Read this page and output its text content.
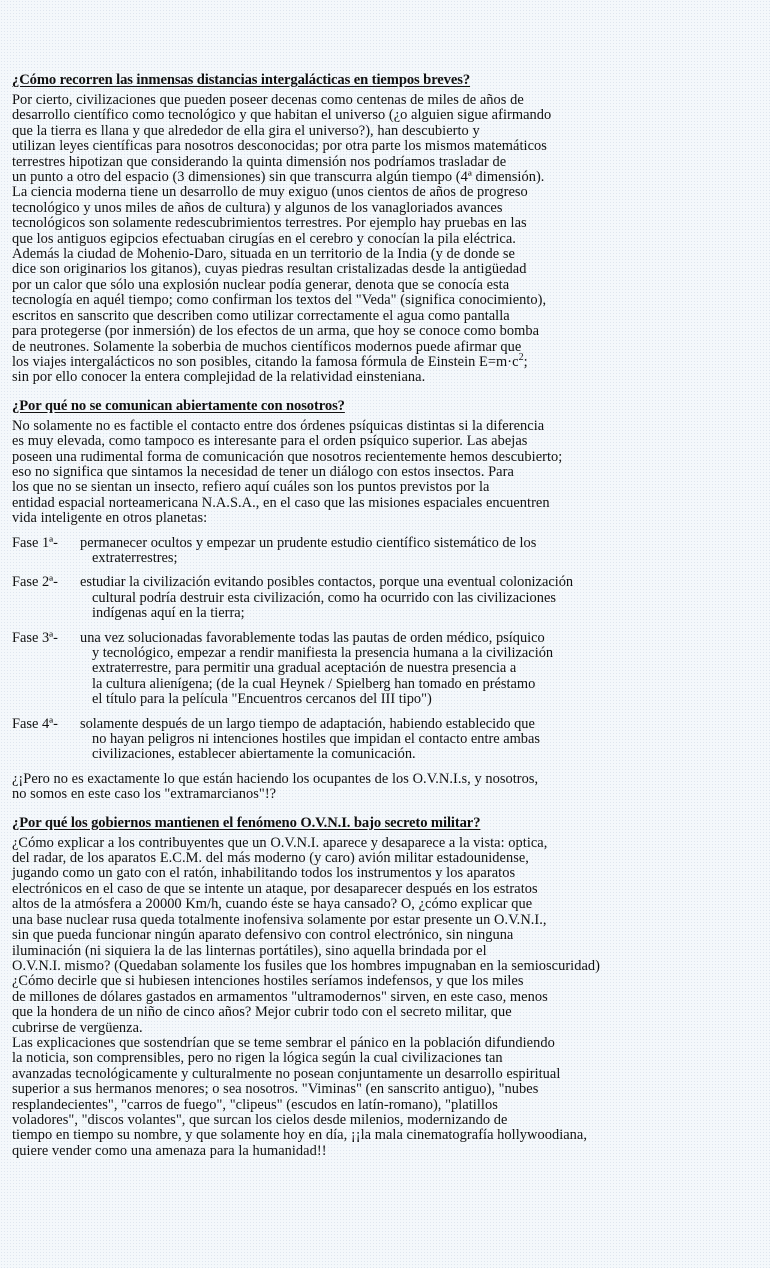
¿Cómo recorren las inmensas distancias intergalácticas en tiempos breves?

Por cierto, civilizaciones que pueden poseer decenas como centenas de miles de años de
desarrollo científico como tecnológico y que habitan el universo (¿o alguien sigue afirmando
que la tierra es llana y que alrededor de ella gira el universo?), han descubierto y
utilizan leyes científicas para nosotros desconocidas; por otra parte los mismos matemáticos
terrestres hipotizan que considerando la quinta dimensión nos podríamos trasladar de
un punto a otro del espacio (3 dimensiones) sin que transcurra algún tiempo (4ª dimensión).
La ciencia moderna tiene un desarrollo de muy exiguo (unos cientos de años de progreso
tecnológico y unos miles de años de cultura) y algunos de los vanagloriados avances
tecnológicos son solamente redescubrimientos terrestres. Por ejemplo hay pruebas en las
que los antiguos egipcios efectuaban cirugías en el cerebro y conocían la pila eléctrica.
Además la ciudad de Mohenio-Daro, situada en un territorio de la India (y de donde se
dice son originarios los gitanos), cuyas piedras resultan cristalizadas desde la antigüedad
por un calor que sólo una explosión nuclear podía generar, denota que se conocía esta
tecnología en aquél tiempo; como confirman los textos del "Veda" (significa conocimiento),
escritos en sanscrito que describen como utilizar correctamente el agua como pantalla
para protegerse (por inmersión) de los efectos de un arma, que hoy se conoce como bomba
de neutrones. Solamente la soberbia de muchos científicos modernos puede afirmar que
los viajes intergalácticos no son posibles, citando la famosa fórmula de Einstein $E=m\cdot c^2$;
sin por ello conocer la entera complejidad de la relatividad einsteniana.

¿Por qué no se comunican abiertamente con nosotros?

No solamente no es factible el contacto entre dos órdenes psíquicas distintas si la diferencia
es muy elevada, como tampoco es interesante para el orden psíquico superior. Las abejas
poseen una rudimental forma de comunicación que nosotros recientemente hemos descubierto;
eso no significa que sintamos la necesidad de tener un diálogo con estos insectos. Para
los que no se sientan un insecto, refiero aquí cuáles son los puntos previstos por la
entidad espacial norteamericana N.A.S.A., en el caso que las misiones espaciales encuentren
vida inteligente en otros planetas:

Fase 1ª-	permanecer ocultos y empezar un prudente estudio científico sistemático de los
extraterrestres;
Fase 2ª-	estudiar la civilización evitando posibles contactos, porque una eventual colonización
cultural podría destruir esta civilización, como ha ocurrido con las civilizaciones
indígenas aquí en la tierra;
Fase 3ª-	una vez solucionadas favorablemente todas las pautas de orden médico, psíquico
y tecnológico, empezar a rendir manifiesta la presencia humana a la civilización
extraterrestre, para permitir una gradual aceptación de nuestra presencia a
la cultura alienígena; (de la cual Heynek / Spielberg han tomado en préstamo
el título para la película "Encuentros cercanos del III tipo")
Fase 4ª-	solamente después de un largo tiempo de adaptación, habiendo establecido que
no hayan peligros ni intenciones hostiles que impidan el contacto entre ambas
civilizaciones, establecer abiertamente la comunicación.

¿¡Pero no es exactamente lo que están haciendo los ocupantes de los O.V.N.I.s, y nosotros,
no somos en este caso los "extramarcianos"!?

¿Por qué los gobiernos mantienen el fenómeno O.V.N.I. bajo secreto militar?

¿Cómo explicar a los contribuyentes que un O.V.N.I. aparece y desaparece a la vista: optica,
del radar, de los aparatos E.C.M. del más moderno (y caro) avión militar estadounidense,
jugando como un gato con el ratón, inhabilitando todos los instrumentos y los aparatos
electrónicos en el caso de que se intente un ataque, por desaparecer después en los estratos
altos de la atmósfera a 20000 Km/h, cuando éste se haya cansado? O, ¿cómo explicar que
una base nuclear rusa queda totalmente inofensiva solamente por estar presente un O.V.N.I.,
sin que pueda funcionar ningún aparato defensivo con control electrónico, sin ninguna
iluminación (ni siquiera la de las linternas portátiles), sino aquella brindada por el
O.V.N.I. mismo? (Quedaban solamente los fusiles que los hombres impugnaban en la semioscuridad)
¿Cómo decirle que si hubiesen intenciones hostiles seríamos indefensos, y que los miles
de millones de dólares gastados en armamentos "ultramodernos" sirven, en este caso, menos
que la hondera de un niño de cinco años? Mejor cubrir todo con el secreto militar, que
cubrirse de vergüenza.
Las explicaciones que sostendrían que se teme sembrar el pánico en la población difundiendo
la noticia, son comprensibles, pero no rigen la lógica según la cual civilizaciones tan
avanzadas tecnológicamente y culturalmente no posean conjuntamente un desarrollo espiritual
superior a sus hermanos menores; o sea nosotros. "Viminas" (en sanscrito antiguo), "nubes
resplandecientes", "carros de fuego", "clipeus" (escudos en latín-romano), "platillos
voladores", "discos volantes", que surcan los cielos desde milenios, modernizando de
tiempo en tiempo su nombre, y que solamente hoy en día, ¡¡la mala cinematografía hollywoodiana,
quiere vender como una amenaza para la humanidad!!
